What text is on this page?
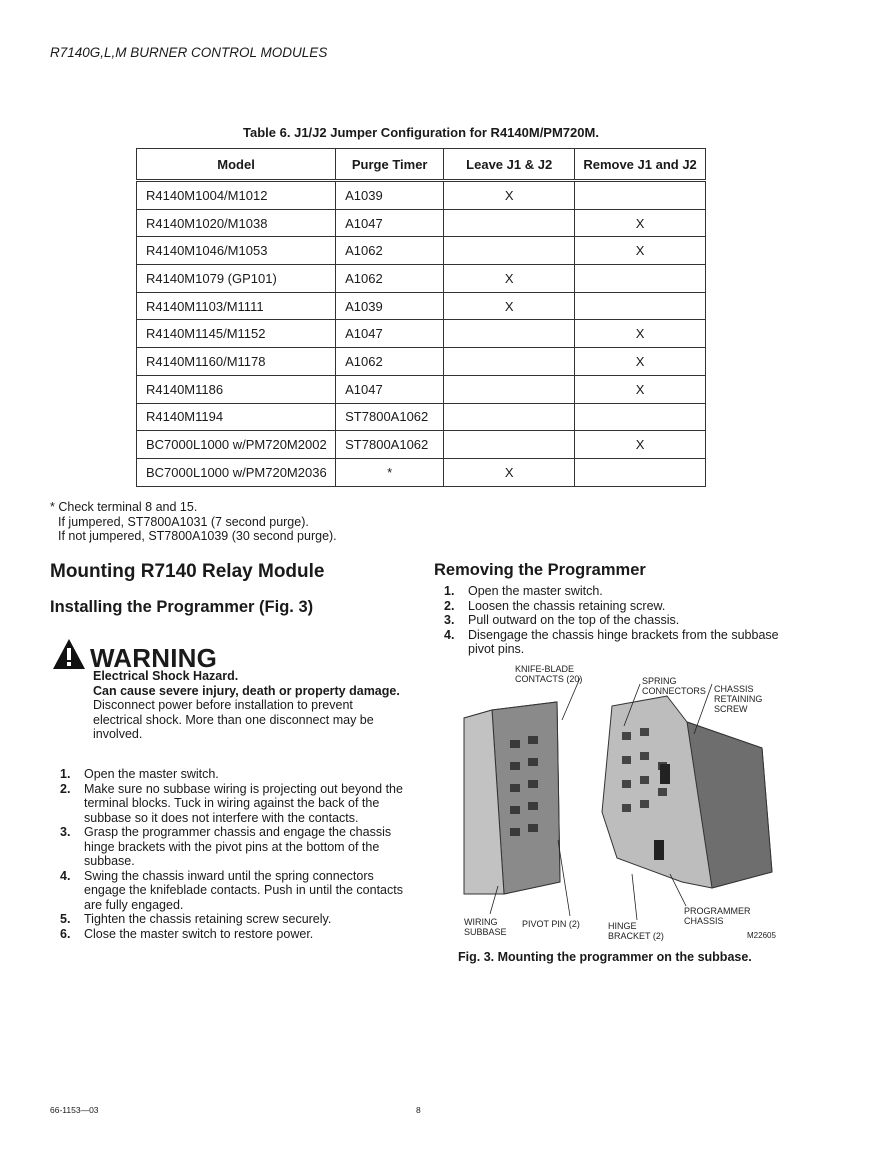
R7140G,L,M BURNER CONTROL MODULES
Table 6. J1/J2 Jumper Configuration for R4140M/PM720M.
Model	Purge Timer	Leave J1 & J2	Remove J1 and J2
R4140M1004/M1012	A1039	X	
R4140M1020/M1038	A1047		X
R4140M1046/M1053	A1062		X
R4140M1079 (GP101)	A1062	X	
R4140M1103/M1111	A1039	X	
R4140M1145/M1152	A1047		X
R4140M1160/M1178	A1062		X
R4140M1186	A1047		X
R4140M1194	ST7800A1062		
BC7000L1000 w/PM720M2002	ST7800A1062		X
BC7000L1000 w/PM720M2036	*	X	
* Check terminal 8 and 15.
If jumpered, ST7800A1031 (7 second purge).
If not jumpered, ST7800A1039 (30 second purge).
Mounting R7140 Relay Module
Installing the Programmer (Fig. 3)
WARNING
Electrical Shock Hazard.
Can cause severe injury, death or property damage.
Disconnect power before installation to prevent electrical shock. More than one disconnect may be involved.
1. Open the master switch.
2. Make sure no subbase wiring is projecting out beyond the terminal blocks. Tuck in wiring against the back of the subbase so it does not interfere with the contacts.
3. Grasp the programmer chassis and engage the chassis hinge brackets with the pivot pins at the bottom of the subbase.
4. Swing the chassis inward until the spring connectors engage the knifeblade contacts. Push in until the contacts are fully engaged.
5. Tighten the chassis retaining screw securely.
6. Close the master switch to restore power.
Removing the Programmer
1. Open the master switch.
2. Loosen the chassis retaining screw.
3. Pull outward on the top of the chassis.
4. Disengage the chassis hinge brackets from the subbase pivot pins.
KNIFE-BLADE
CONTACTS (20)	SPRING
CONNECTORS CHASSIS
RETAINING
SCREW
WIRING
SUBBASE
PIVOT PIN (2)	HINGE
BRACKET (2)
PROGRAMMER
CHASSIS
M22605
Fig. 3. Mounting the programmer on the subbase.
66-1153—03	8
